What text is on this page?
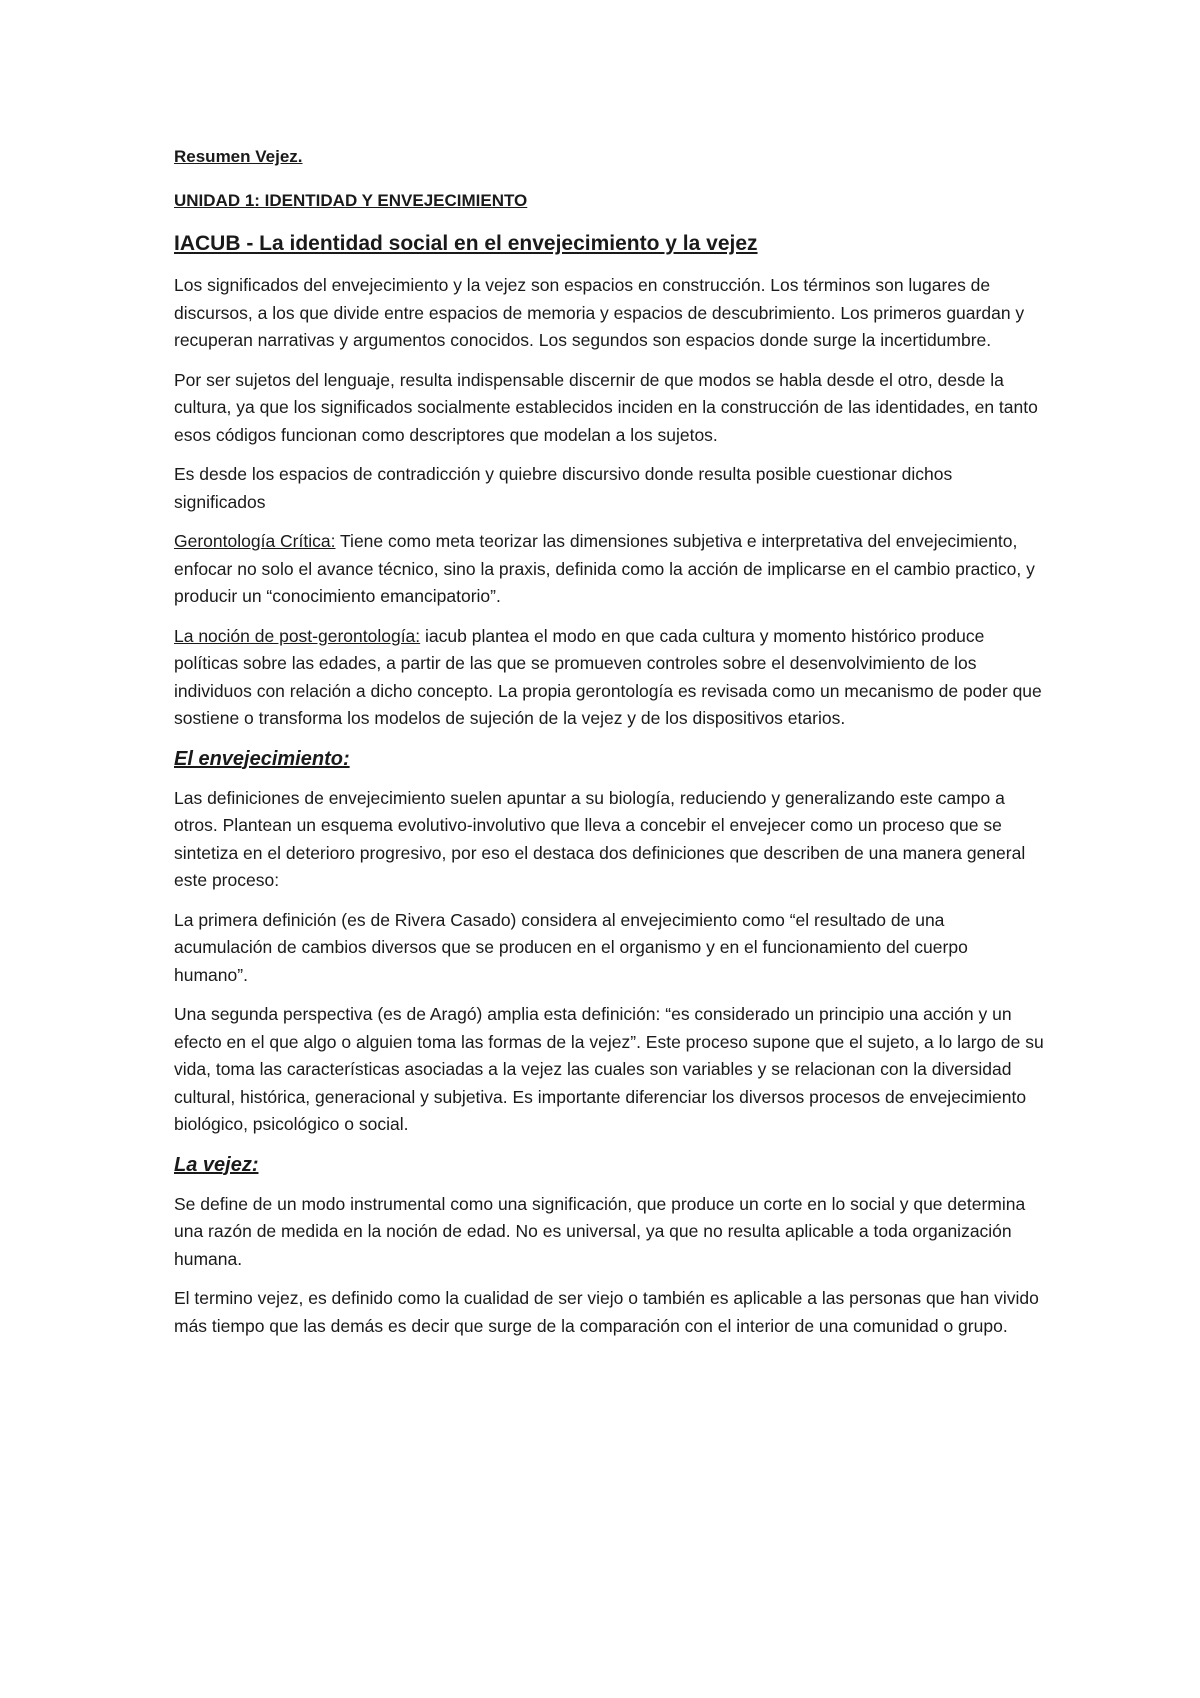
Resumen Vejez.
UNIDAD 1: IDENTIDAD Y ENVEJECIMIENTO
IACUB - La identidad social en el envejecimiento y la vejez

Los significados del envejecimiento y la vejez son espacios en construcción. Los términos son lugares de discursos, a los que divide entre espacios de memoria y espacios de descubrimiento. Los primeros guardan y recuperan narrativas y argumentos conocidos. Los segundos son espacios donde surge la incertidumbre.

Por ser sujetos del lenguaje, resulta indispensable discernir de que modos se habla desde el otro, desde la cultura, ya que los significados socialmente establecidos inciden en la construcción de las identidades, en tanto esos códigos funcionan como descriptores que modelan a los sujetos.

Es desde los espacios de contradicción y quiebre discursivo donde resulta posible cuestionar dichos significados

Gerontología Crítica: Tiene como meta teorizar las dimensiones subjetiva e interpretativa del envejecimiento, enfocar no solo el avance técnico, sino la praxis, definida como la acción de implicarse en el cambio practico, y producir un “conocimiento emancipatorio”.

La noción de post-gerontología: iacub plantea el modo en que cada cultura y momento histórico produce políticas sobre las edades, a partir de las que se promueven controles sobre el desenvolvimiento de los individuos con relación a dicho concepto. La propia gerontología es revisada como un mecanismo de poder que sostiene o transforma los modelos de sujeción de la vejez y de los dispositivos etarios.

El envejecimiento:

Las definiciones de envejecimiento suelen apuntar a su biología, reduciendo y generalizando este campo a otros. Plantean un esquema evolutivo-involutivo que lleva a concebir el envejecer como un proceso que se sintetiza en el deterioro progresivo, por eso el destaca dos definiciones que describen de una manera general este proceso:

La primera definición (es de Rivera Casado) considera al envejecimiento como “el resultado de una acumulación de cambios diversos que se producen en el organismo y en el funcionamiento del cuerpo humano”.

Una segunda perspectiva (es de Aragó) amplia esta definición: “es considerado un principio una acción y un efecto en el que algo o alguien toma las formas de la vejez”. Este proceso supone que el sujeto, a lo largo de su vida, toma las características asociadas a la vejez las cuales son variables y se relacionan con la diversidad cultural, histórica, generacional y subjetiva. Es importante diferenciar los diversos procesos de envejecimiento biológico, psicológico o social.

La vejez:

Se define de un modo instrumental como una significación, que produce un corte en lo social y que determina una razón de medida en la noción de edad. No es universal, ya que no resulta aplicable a toda organización humana.

El termino vejez, es definido como la cualidad de ser viejo o también es aplicable a las personas que han vivido más tiempo que las demás es decir que surge de la comparación con el interior de una comunidad o grupo.
